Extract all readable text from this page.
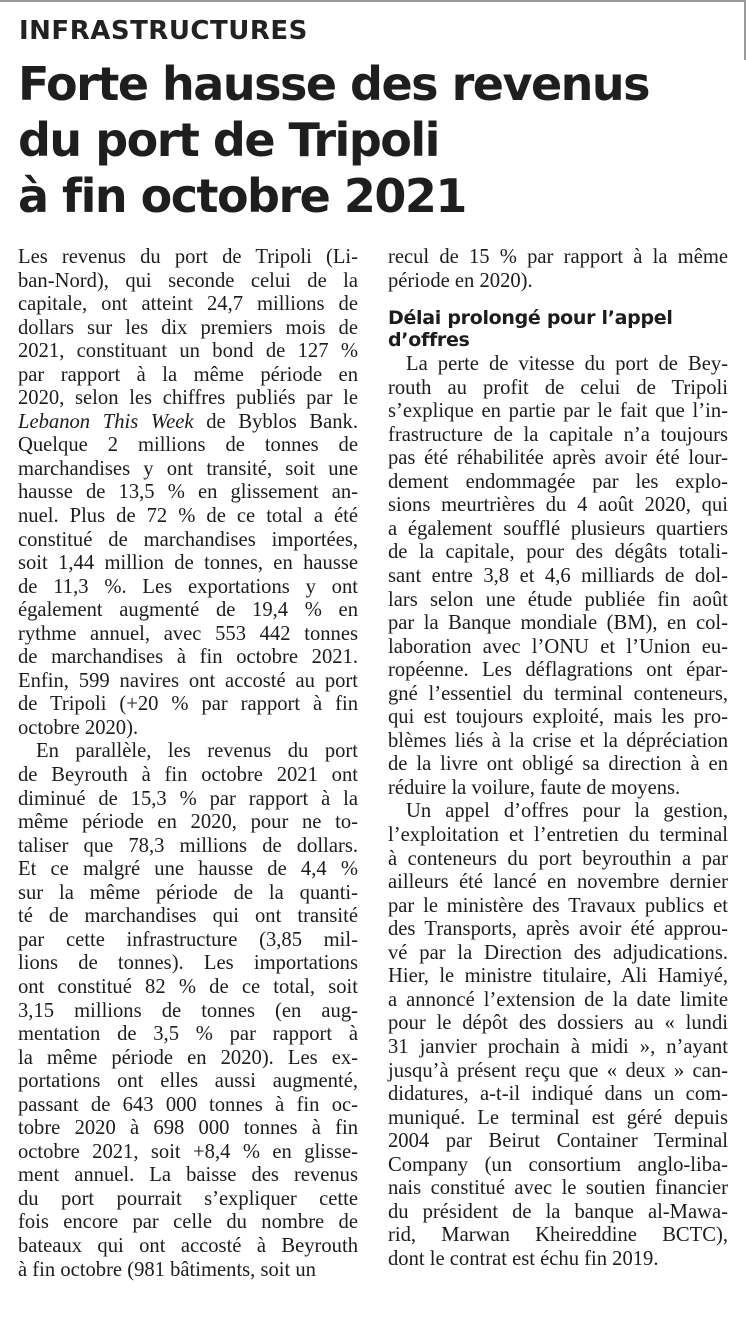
INFRASTRUCTURES
Forte hausse des revenus
du port de Tripoli
à fin octobre 2021
Les revenus du port de Tripoli (Li-
ban-Nord), qui seconde celui de la
capitale, ont atteint 24,7 millions de
dollars sur les dix premiers mois de
2021, constituant un bond de 127 %
par rapport à la même période en
2020, selon les chiffres publiés par le
Lebanon This Week de Byblos Bank.
Quelque 2 millions de tonnes de
marchandises y ont transité, soit une
hausse de 13,5 % en glissement an-
nuel. Plus de 72 % de ce total a été
constitué de marchandises importées,
soit 1,44 million de tonnes, en hausse
de 11,3 %. Les exportations y ont
également augmenté de 19,4 % en
rythme annuel, avec 553 442 tonnes
de marchandises à fin octobre 2021.
Enfin, 599 navires ont accosté au port
de Tripoli (+20 % par rapport à fin
octobre 2020).
En parallèle, les revenus du port
de Beyrouth à fin octobre 2021 ont
diminué de 15,3 % par rapport à la
même période en 2020, pour ne to-
taliser que 78,3 millions de dollars.
Et ce malgré une hausse de 4,4 %
sur la même période de la quanti-
té de marchandises qui ont transité
par cette infrastructure (3,85 mil-
lions de tonnes). Les importations
ont constitué 82 % de ce total, soit
3,15 millions de tonnes (en aug-
mentation de 3,5 % par rapport à
la même période en 2020). Les ex-
portations ont elles aussi augmenté,
passant de 643 000 tonnes à fin oc-
tobre 2020 à 698 000 tonnes à fin
octobre 2021, soit +8,4 % en glisse-
ment annuel. La baisse des revenus
du port pourrait s’expliquer cette
fois encore par celle du nombre de
bateaux qui ont accosté à Beyrouth
à fin octobre (981 bâtiments, soit un
recul de 15 % par rapport à la même
période en 2020).
Délai prolongé pour l’appel
d’offres
La perte de vitesse du port de Bey-
routh au profit de celui de Tripoli
s’explique en partie par le fait que l’in-
frastructure de la capitale n’a toujours
pas été réhabilitée après avoir été lour-
dement endommagée par les explo-
sions meurtrières du 4 août 2020, qui
a également soufflé plusieurs quartiers
de la capitale, pour des dégâts totali-
sant entre 3,8 et 4,6 milliards de dol-
lars selon une étude publiée fin août
par la Banque mondiale (BM), en col-
laboration avec l’ONU et l’Union eu-
ropéenne. Les déflagrations ont épar-
gné l’essentiel du terminal conteneurs,
qui est toujours exploité, mais les pro-
blèmes liés à la crise et la dépréciation
de la livre ont obligé sa direction à en
réduire la voilure, faute de moyens.
Un appel d’offres pour la gestion,
l’exploitation et l’entretien du terminal
à conteneurs du port beyrouthin a par
ailleurs été lancé en novembre dernier
par le ministère des Travaux publics et
des Transports, après avoir été approu-
vé par la Direction des adjudications.
Hier, le ministre titulaire, Ali Hamiyé,
a annoncé l’extension de la date limite
pour le dépôt des dossiers au « lundi
31 janvier prochain à midi », n’ayant
jusqu’à présent reçu que « deux » can-
didatures, a-t-il indiqué dans un com-
muniqué. Le terminal est géré depuis
2004 par Beirut Container Terminal
Company (un consortium anglo-liba-
nais constitué avec le soutien financier
du président de la banque al-Mawa-
rid, Marwan Kheireddine BCTC),
dont le contrat est échu fin 2019.
